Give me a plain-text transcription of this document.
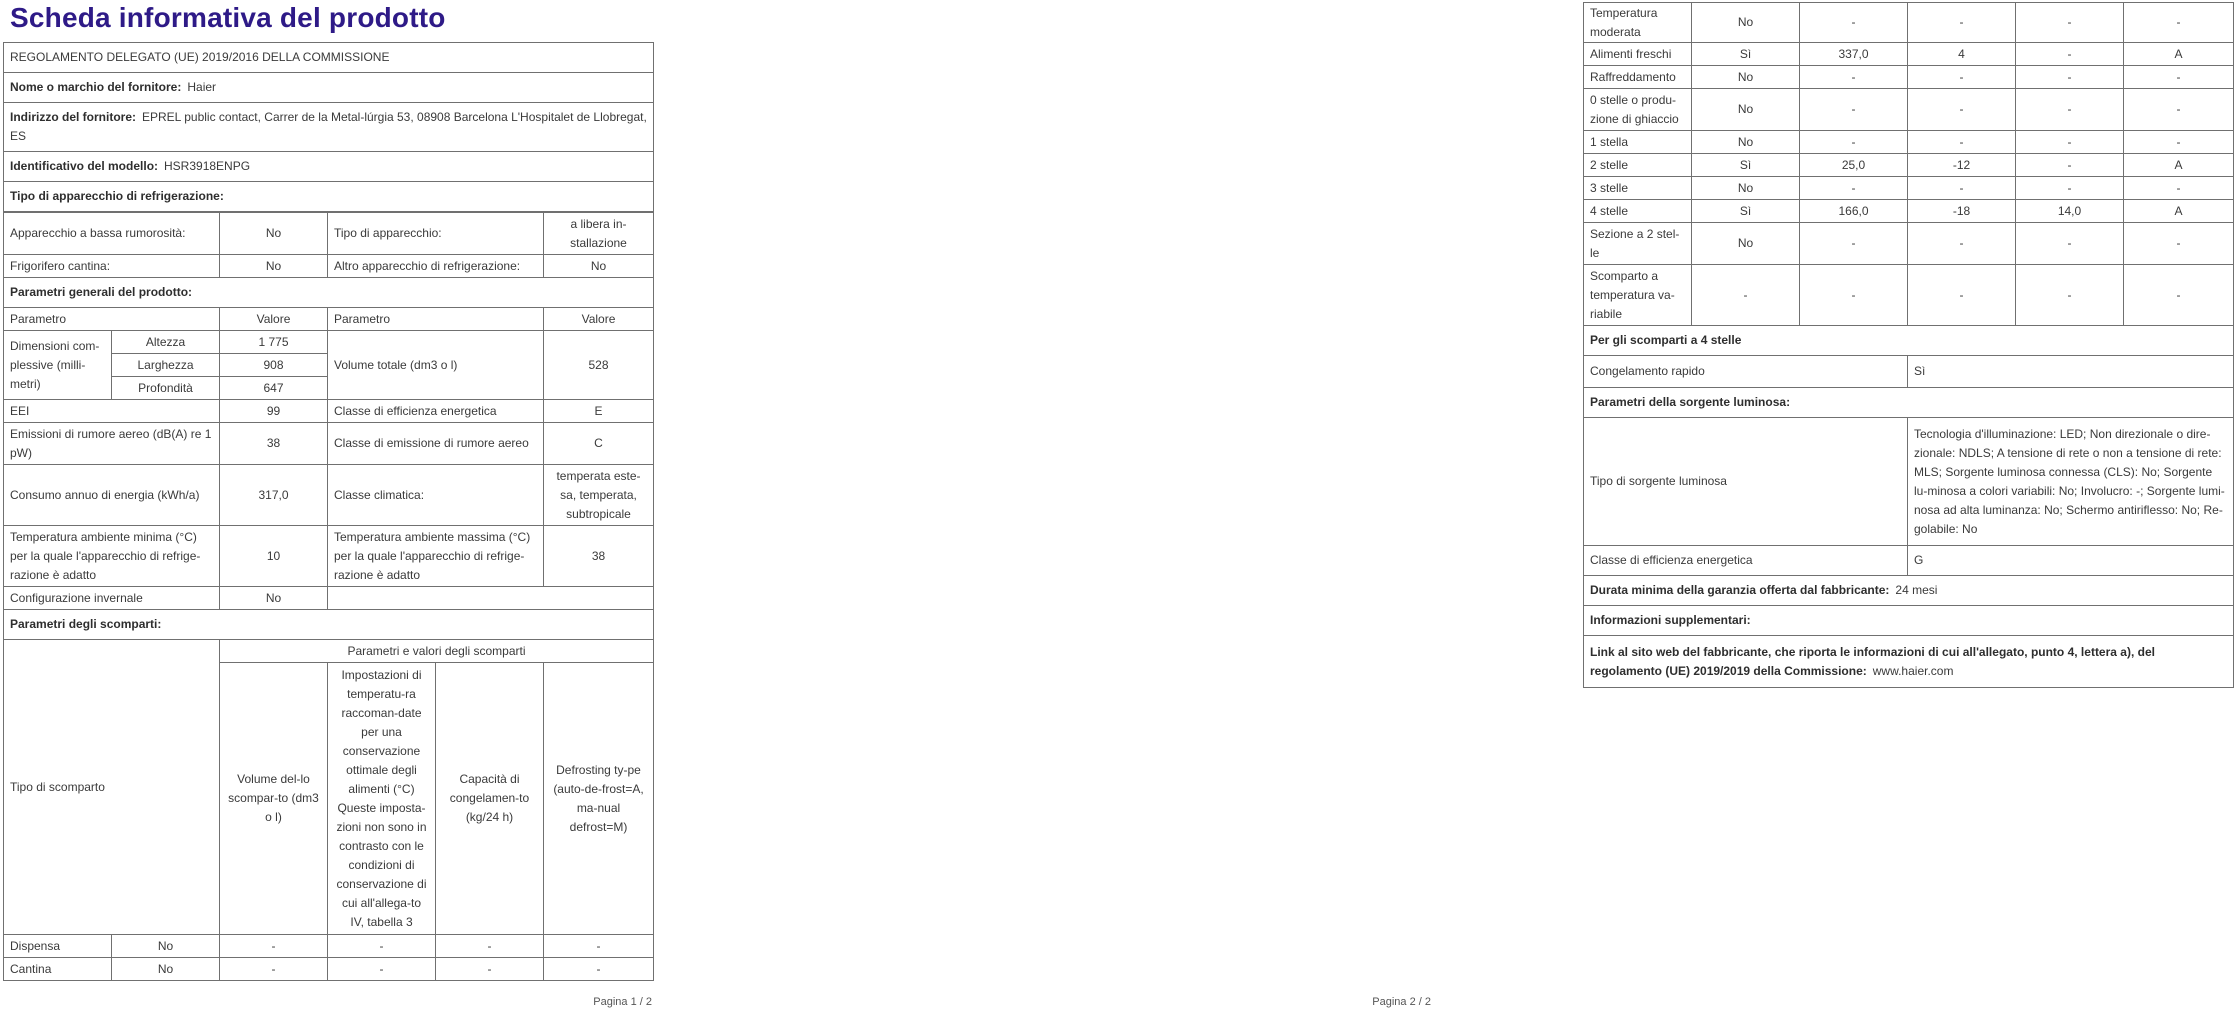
Scheda informativa del prodotto
REGOLAMENTO DELEGATO (UE) 2019/2016 DELLA COMMISSIONE
Nome o marchio del fornitore: Haier
Indirizzo del fornitore: EPREL public contact, Carrer de la Metal-lúrgia 53, 08908 Barcelona L'Hospitalet de Llobregat, ES
Identificativo del modello: HSR3918ENPG
Tipo di apparecchio di refrigerazione:
Apparecchio a bassa rumorosità:		No	Tipo di apparecchio:		a libera in-stallazione
Frigorifero cantina:		No	Altro apparecchio di refrigerazione:		No
Parametri generali del prodotto:					
Parametro		Valore	Parametro		Valore
Dimensioni com-plessive (milli-metri)	Altezza	1 775	Volume totale (dm3 o l)		528
	Larghezza	908			
	Profondità	647			
EEI		99	Classe di efficienza energetica		E
Emissioni di rumore aereo (dB(A) re 1 pW)		38	Classe di emissione di rumore aereo		C
Consumo annuo di energia (kWh/a)		317,0	Classe climatica:		temperata este-sa, temperata, subtropicale
Temperatura ambiente minima (°C) per la quale l'apparecchio di refrige-razione è adatto		10	Temperatura ambiente massima (°C) per la quale l'apparecchio di refrige-razione è adatto		38
Configurazione invernale		No			
Parametri degli scomparti:					
Tipo di scomparto		Parametri e valori degli scomparti			
		Volume del-lo scompar-to (dm3 o l)	Impostazioni di temperatu-ra raccoman-date per una conservazione ottimale degli alimenti (°C) Queste imposta-zioni non sono in contrasto con le condizioni di conservazione di cui all'allega-to IV, tabella 3	Capacità di congelamen-to (kg/24 h)	Defrosting ty-pe (auto-de-frost=A, ma-nual defrost=M)
Dispensa	No	-	-	-	-
Cantina	No	-	-	-	-
Pagina 1 / 2
Temperatura moderata	No	-	-	-	-
Alimenti freschi	Sì	337,0	4	-	A
Raffreddamento	No	-	-	-	-
0 stelle o produ-zione di ghiaccio	No	-	-	-	-
1 stella	No	-	-	-	-
2 stelle	Sì	25,0	-12	-	A
3 stelle	No	-	-	-	-
4 stelle	Sì	166,0	-18	14,0	A
Sezione a 2 stel-le	No	-	-	-	-
Scomparto a temperatura va-riabile	-	-	-	-	-
Per gli scomparti a 4 stelle					
Congelamento rapido			Sì		
Parametri della sorgente luminosa:					
Tipo di sorgente luminosa			Tecnologia d'illuminazione: LED; Non direzionale o dire-zionale: NDLS; A tensione di rete o non a tensione di rete: MLS; Sorgente luminosa connessa (CLS): No; Sorgente lu-minosa a colori variabili: No; Involucro: -; Sorgente lumi-nosa ad alta luminanza: No; Schermo antiriflesso: No; Re-golabile: No		
Classe di efficienza energetica			G		
Durata minima della garanzia offerta dal fabbricante: 24 mesi					
Informazioni supplementari:					
Link al sito web del fabbricante, che riporta le informazioni di cui all'allegato, punto 4, lettera a), del regolamento (UE) 2019/2019 della Commissione: www.haier.com					
Pagina 2 / 2
